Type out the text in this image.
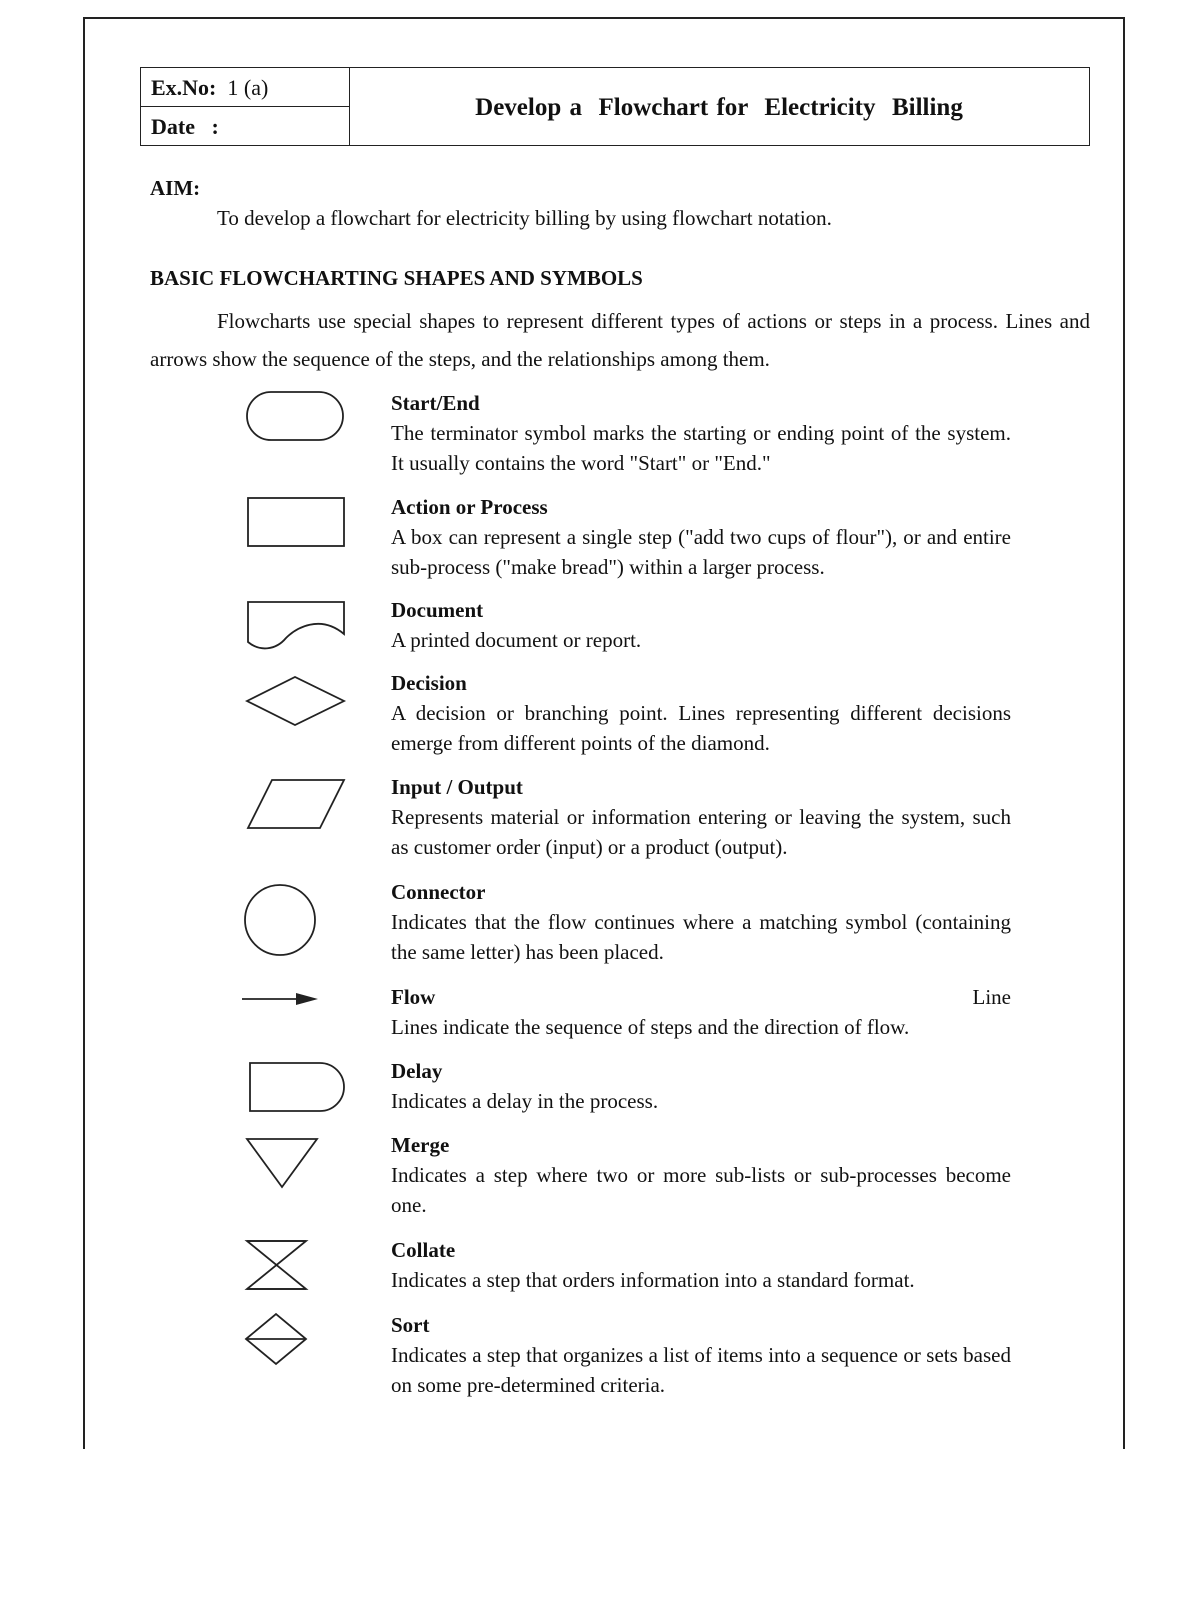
Ex.No: 1 (a)
Date :
Develop a  Flowchart for  Electricity  Billing
AIM:
To develop a flowchart for electricity billing by using flowchart notation.
BASIC FLOWCHARTING SHAPES AND SYMBOLS
Flowcharts use special shapes to represent different types of actions or steps in a process. Lines and arrows show the sequence of the steps, and the relationships among them.
Start/End
The terminator symbol marks the starting or ending point of the system. It usually contains the word "Start" or "End."
Action or Process
A box can represent a single step ("add two cups of flour"), or and entire sub-process ("make bread") within a larger process.
Document
A printed document or report.
Decision
A decision or branching point. Lines representing different decisions emerge from different points of the diamond.
Input / Output
Represents material or information entering or leaving the system, such as customer order (input) or a product (output).
Connector
Indicates that the flow continues where a matching symbol (containing the same letter) has been placed.
Flow	Line
Lines indicate the sequence of steps and the direction of flow.
Delay
Indicates a delay in the process.
Merge
Indicates a step where two or more sub-lists or sub-processes become one.
Collate
Indicates a step that orders information into a standard format.
Sort
Indicates a step that organizes a list of items into a sequence or sets based on some pre-determined criteria.
